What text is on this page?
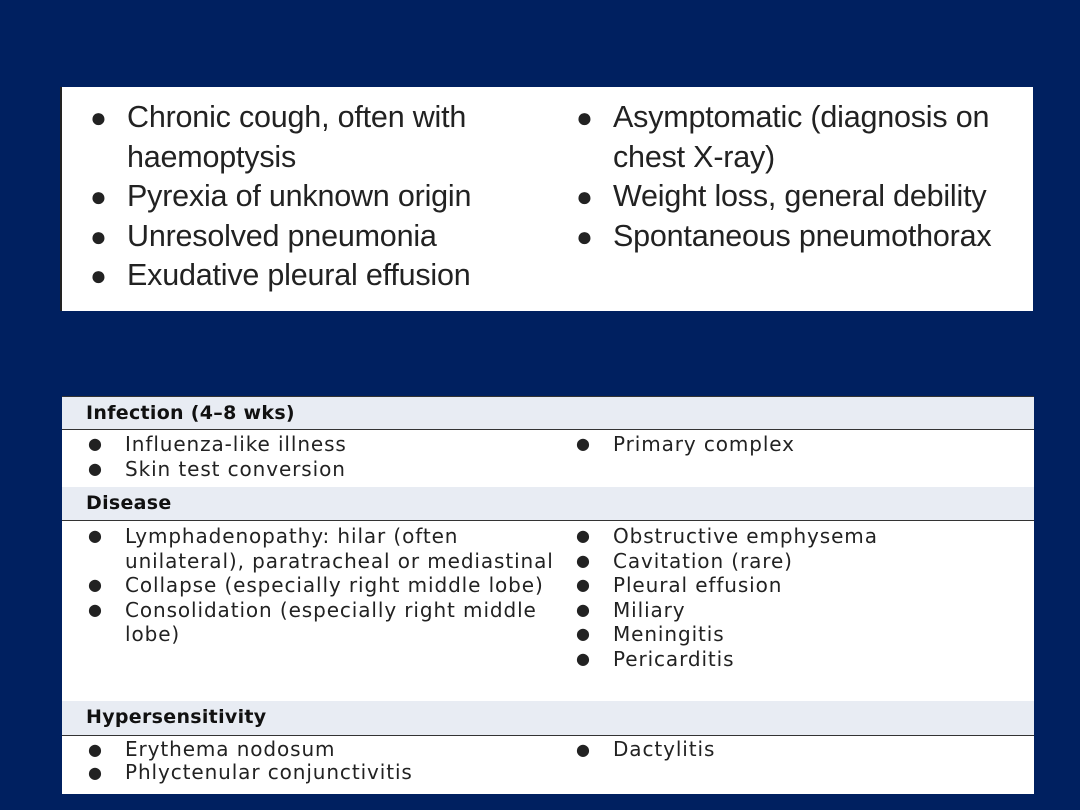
● Chronic cough, often with haemoptysis
● Pyrexia of unknown origin
● Unresolved pneumonia
● Exudative pleural effusion
● Asymptomatic (diagnosis on chest X-ray)
● Weight loss, general debility
● Spontaneous pneumothorax
Infection (4–8 wks)
● Influenza-like illness
● Skin test conversion
● Primary complex
Disease
● Lymphadenopathy: hilar (often unilateral), paratracheal or mediastinal
● Collapse (especially right middle lobe)
● Consolidation (especially right middle lobe)
● Obstructive emphysema
● Cavitation (rare)
● Pleural effusion
● Miliary
● Meningitis
● Pericarditis
Hypersensitivity
● Erythema nodosum
● Phlyctenular conjunctivitis
● Dactylitis
